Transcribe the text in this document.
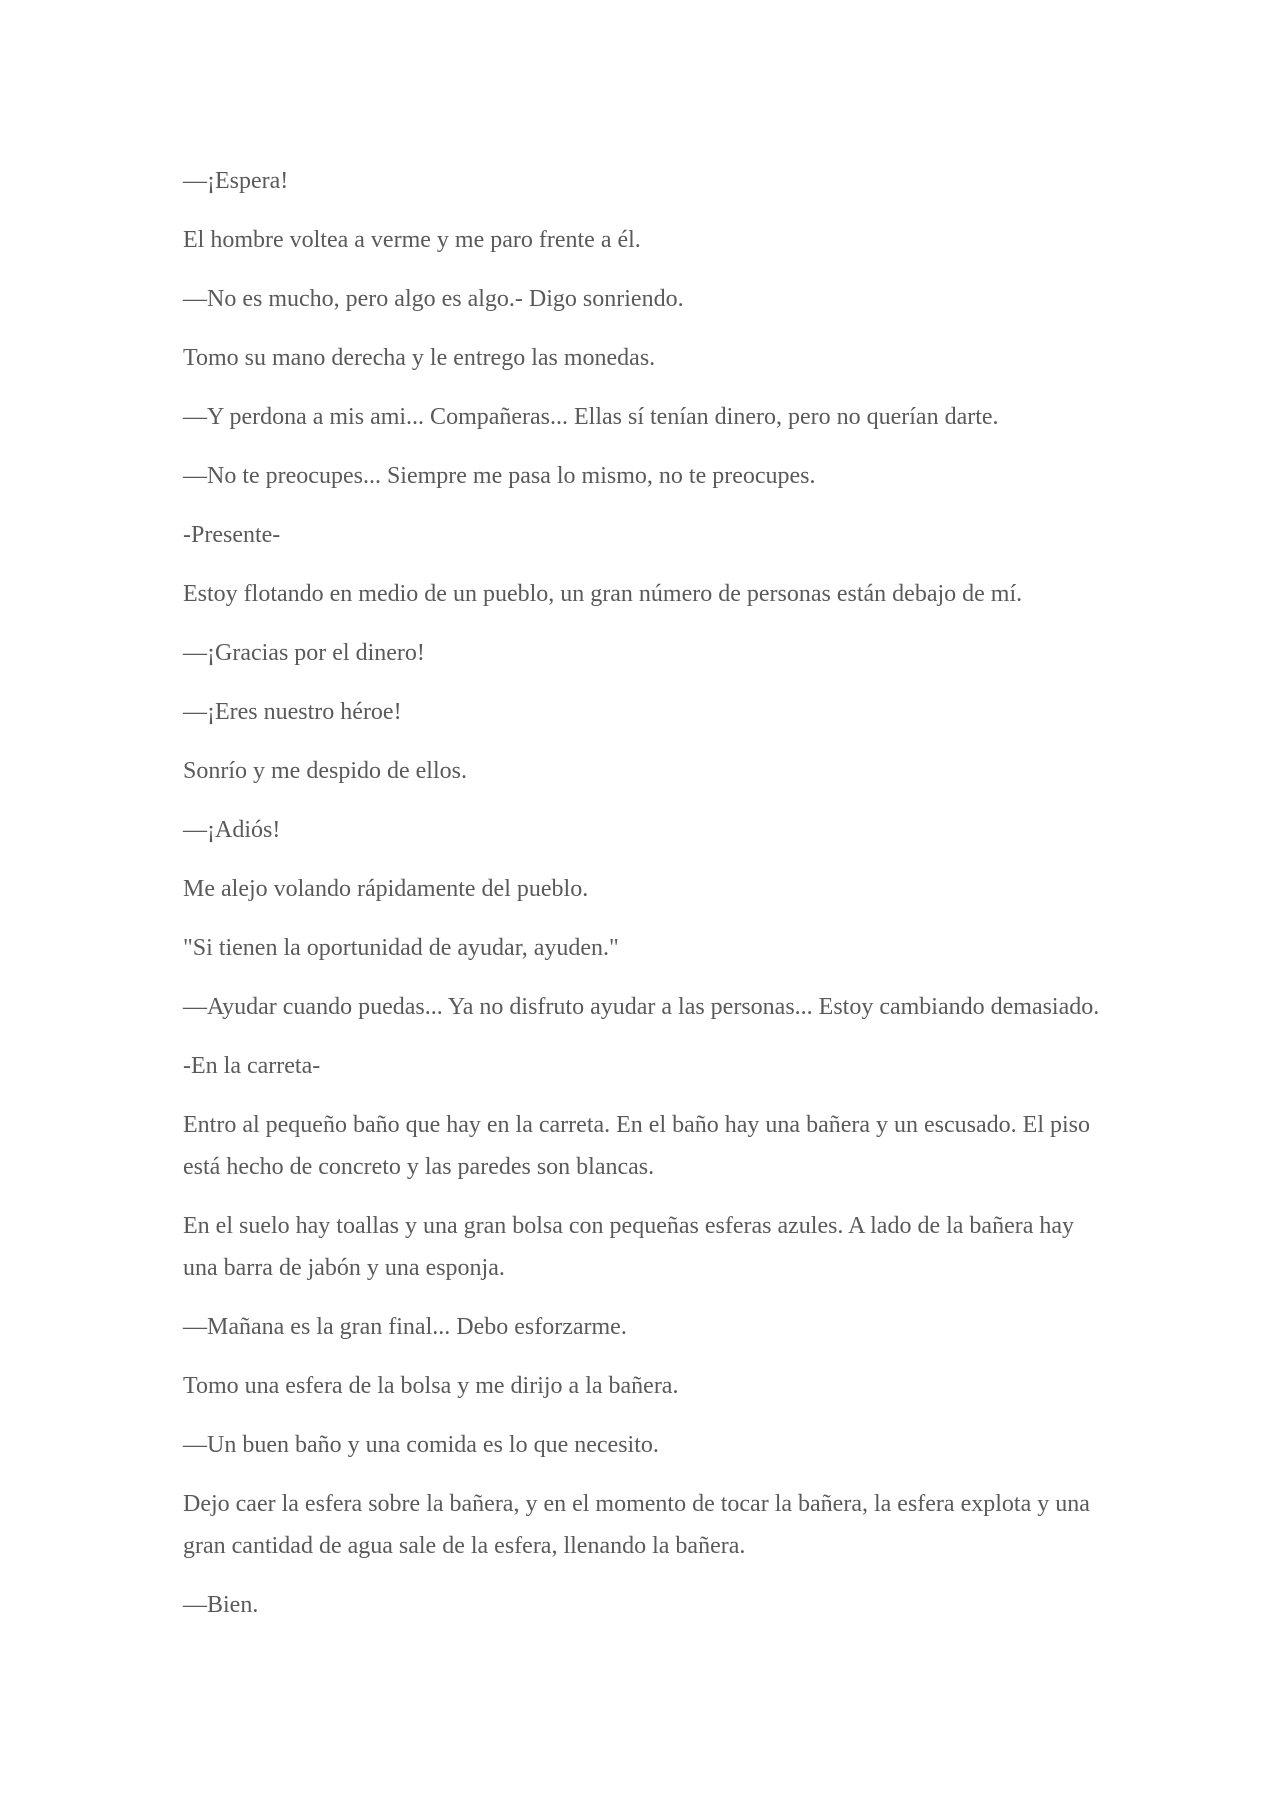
—¡Espera!

El hombre voltea a verme y me paro frente a él.

—No es mucho, pero algo es algo.- Digo sonriendo.

Tomo su mano derecha y le entrego las monedas.

—Y perdona a mis ami... Compañeras... Ellas sí tenían dinero, pero no querían darte.

—No te preocupes... Siempre me pasa lo mismo, no te preocupes.

-Presente-

Estoy flotando en medio de un pueblo, un gran número de personas están debajo de mí.

—¡Gracias por el dinero!

—¡Eres nuestro héroe!

Sonrío y me despido de ellos.

—¡Adiós!

Me alejo volando rápidamente del pueblo.

"Si tienen la oportunidad de ayudar, ayuden."

—Ayudar cuando puedas... Ya no disfruto ayudar a las personas... Estoy cambiando demasiado.

-En la carreta-

Entro al pequeño baño que hay en la carreta. En el baño hay una bañera y un escusado. El piso está hecho de concreto y las paredes son blancas.

En el suelo hay toallas y una gran bolsa con pequeñas esferas azules. A lado de la bañera hay una barra de jabón y una esponja.

—Mañana es la gran final... Debo esforzarme.

Tomo una esfera de la bolsa y me dirijo a la bañera.

—Un buen baño y una comida es lo que necesito.

Dejo caer la esfera sobre la bañera, y en el momento de tocar la bañera, la esfera explota y una gran cantidad de agua sale de la esfera, llenando la bañera.

—Bien.
